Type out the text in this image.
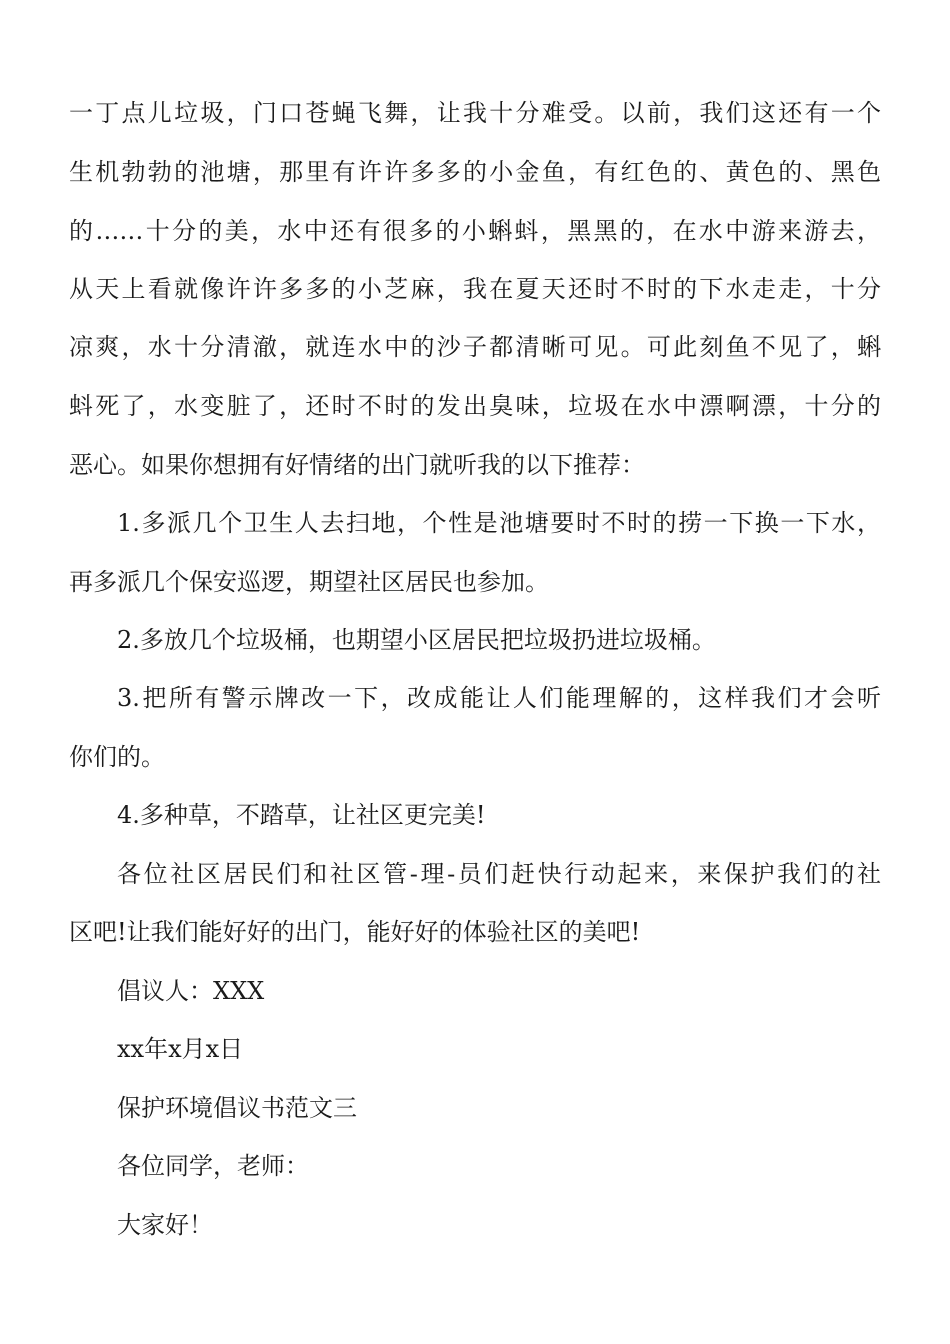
一丁点儿垃圾，门口苍蝇飞舞，让我十分难受。以前，我们这还有一个
生机勃勃的池塘，那里有许许多多的小金鱼，有红色的、黄色的、黑色
的……十分的美，水中还有很多的小蝌蚪，黑黑的，在水中游来游去，
从天上看就像许许多多的小芝麻，我在夏天还时不时的下水走走，十分
凉爽，水十分清澈，就连水中的沙子都清晰可见。可此刻鱼不见了，蝌
蚪死了，水变脏了，还时不时的发出臭味，垃圾在水中漂啊漂，十分的
恶心。如果你想拥有好情绪的出门就听我的以下推荐：
1.多派几个卫生人去扫地，个性是池塘要时不时的捞一下换一下水，
再多派几个保安巡逻，期望社区居民也参加。
2.多放几个垃圾桶，也期望小区居民把垃圾扔进垃圾桶。
3.把所有警示牌改一下，改成能让人们能理解的，这样我们才会听
你们的。
4.多种草，不踏草，让社区更完美!
各位社区居民们和社区管-理-员们赶快行动起来，来保护我们的社
区吧!让我们能好好的出门，能好好的体验社区的美吧!
倡议人：XXX
xx年x月x日
保护环境倡议书范文三
各位同学，老师：
大家好！
